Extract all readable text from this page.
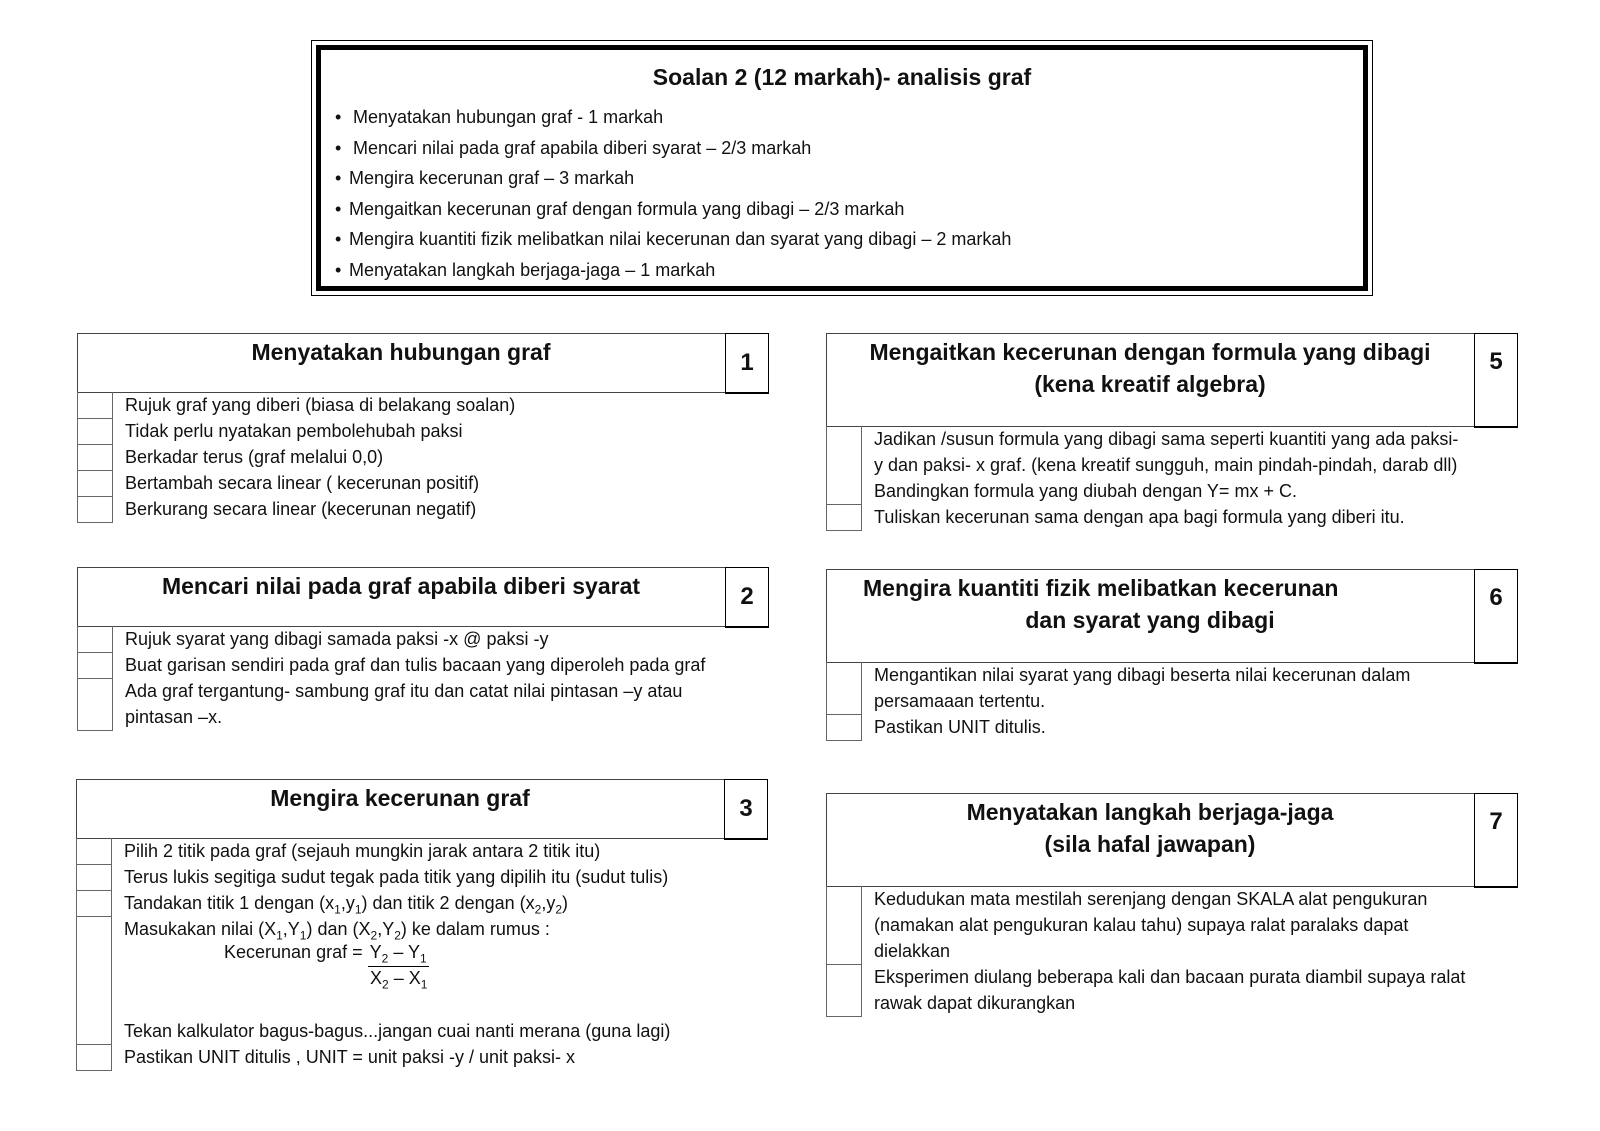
Soalan 2 (12 markah)- analisis graf
• Menyatakan hubungan graf - 1 markah
• Mencari nilai pada graf apabila diberi syarat – 2/3 markah
• Mengira kecerunan graf – 3 markah
• Mengaitkan kecerunan graf dengan formula yang dibagi – 2/3 markah
• Mengira kuantiti fizik melibatkan nilai kecerunan dan syarat yang dibagi – 2 markah
• Menyatakan langkah berjaga-jaga – 1 markah
Menyatakan hubungan graf	1
Rujuk graf yang diberi (biasa di belakang soalan)
Tidak perlu nyatakan pembolehubah paksi
Berkadar terus (graf melalui 0,0)
Bertambah secara linear ( kecerunan positif)
Berkurang secara linear (kecerunan negatif)
Mencari nilai pada graf apabila diberi syarat	2
Rujuk syarat yang dibagi samada paksi -x @ paksi -y
Buat garisan sendiri pada graf dan tulis bacaan yang diperoleh pada graf
Ada graf tergantung- sambung graf itu dan catat nilai pintasan –y atau
pintasan –x.
Mengira kecerunan graf	3
Pilih 2 titik pada graf (sejauh mungkin jarak antara 2 titik itu)
Terus lukis segitiga sudut tegak pada titik yang dipilih itu (sudut tulis)
Tandakan titik 1 dengan $(x_1,y_1)$ dan titik 2 dengan $(x_2,y_2)$
Masukakan nilai $(X_1,Y_1)$ dan $(X_2,Y_2)$ ke dalam rumus :
Kecerunan graf = $Y_2 - Y_1$
$X_2 - X_1$
Tekan kalkulator bagus-bagus...jangan cuai nanti merana (guna lagi)
Pastikan UNIT ditulis , UNIT = unit paksi -y / unit paksi- x
Mengaitkan kecerunan dengan formula yang dibagi
(kena kreatif algebra)
5
Jadikan /susun formula yang dibagi sama seperti kuantiti yang ada paksi-
y dan paksi- x graf. (kena kreatif sungguh, main pindah-pindah, darab dll)
Bandingkan formula yang diubah dengan Y= mx + C.
Tuliskan kecerunan sama dengan apa bagi formula yang diberi itu.
Mengira kuantiti fizik melibatkan kecerunan
dan syarat yang dibagi
6
Mengantikan nilai syarat yang dibagi beserta nilai kecerunan dalam
persamaaan tertentu.
Pastikan UNIT ditulis.
Menyatakan langkah berjaga-jaga
(sila hafal jawapan)
7
Kedudukan mata mestilah serenjang dengan SKALA alat pengukuran
(namakan alat pengukuran kalau tahu) supaya ralat paralaks dapat
dielakkan
Eksperimen diulang beberapa kali dan bacaan purata diambil supaya ralat
rawak dapat dikurangkan
